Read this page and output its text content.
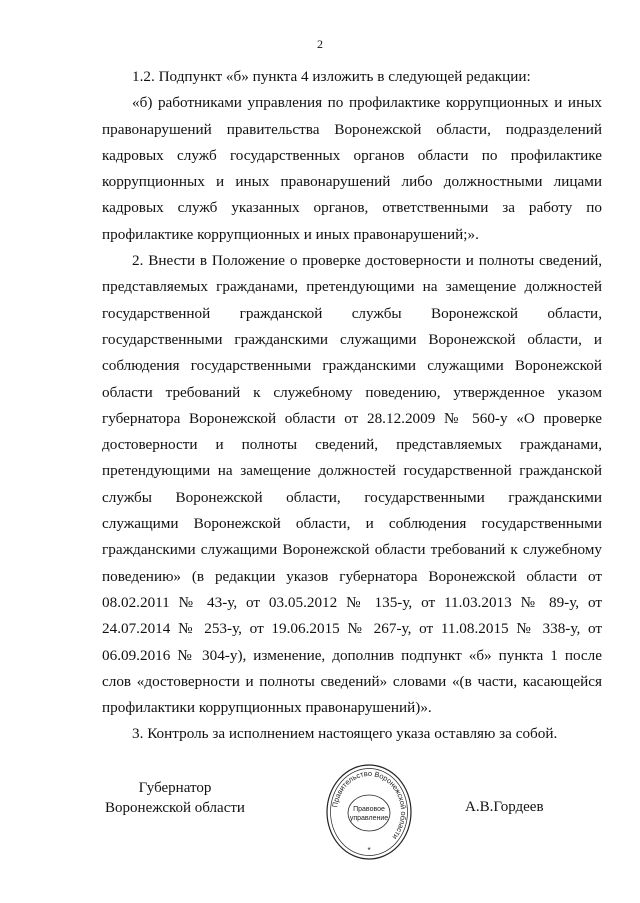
2

1.2. Подпункт «б» пункта 4 изложить в следующей редакции:

«б) работниками управления по профилактике коррупционных и иных правонарушений правительства Воронежской области, подразделений кадровых служб государственных органов области по профилактике коррупционных и иных правонарушений либо должностными лицами кадровых служб указанных органов, ответственными за работу по профилактике коррупционных и иных правонарушений;».

2. Внести в Положение о проверке достоверности и полноты сведений, представляемых гражданами, претендующими на замещение должностей государственной гражданской службы Воронежской области, государственными гражданскими служащими Воронежской области, и соблюдения государственными гражданскими служащими Воронежской области требований к служебному поведению, утвержденное указом губернатора Воронежской области от 28.12.2009 № 560-у «О проверке достоверности и полноты сведений, представляемых гражданами, претендующими на замещение должностей государственной гражданской службы Воронежской области, государственными гражданскими служащими Воронежской области, и соблюдения государственными гражданскими служащими Воронежской области требований к служебному поведению» (в редакции указов губернатора Воронежской области от 08.02.2011 № 43-у, от 03.05.2012 № 135-у, от 11.03.2013 № 89-у, от 24.07.2014 № 253-у, от 19.06.2015 № 267-у, от 11.08.2015 № 338-у, от 06.09.2016 № 304-у), изменение, дополнив подпункт «б» пункта 1 после слов «достоверности и полноты сведений» словами «(в части, касающейся профилактики коррупционных правонарушений)».

3. Контроль за исполнением настоящего указа оставляю за собой.

Губернатор
Воронежской области	Правительство Воронежской области
Правовое
управление
*
А.В.Гордеев
